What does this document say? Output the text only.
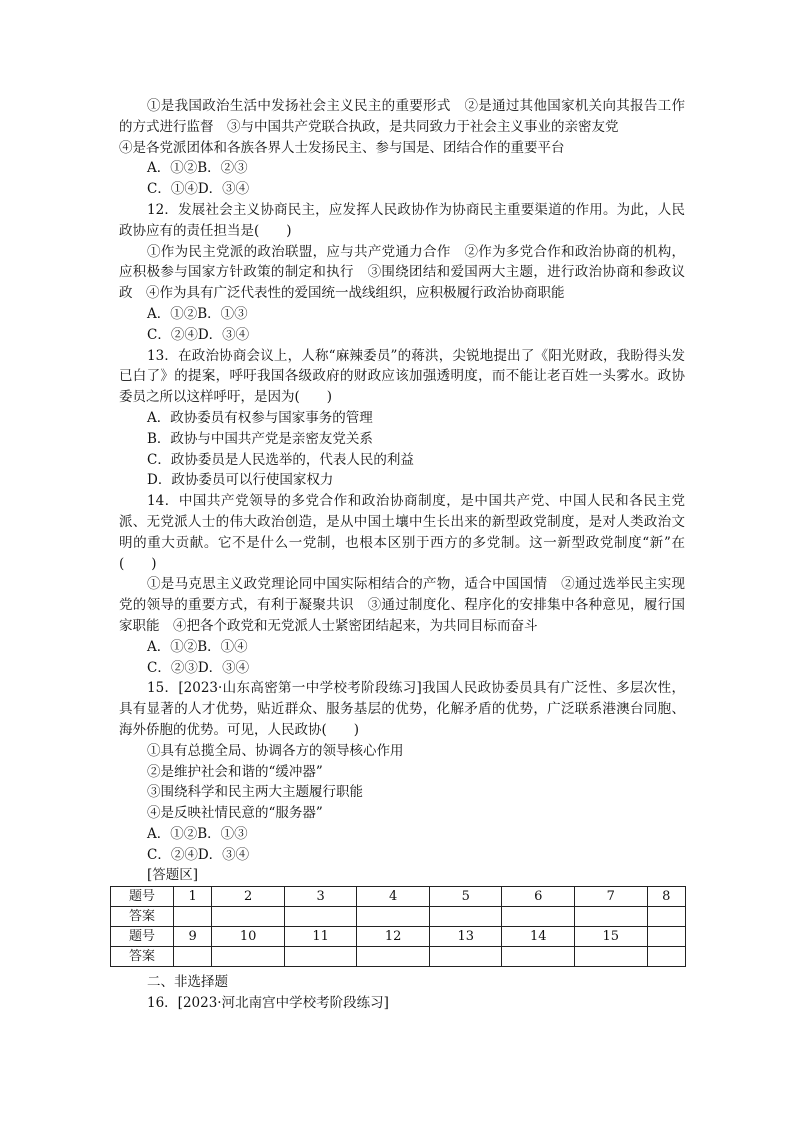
①是我国政治生活中发扬社会主义民主的重要形式　②是通过其他国家机关向其报告工作的方式进行监督　③与中国共产党联合执政，是共同致力于社会主义事业的亲密友党

④是各党派团体和各族各界人士发扬民主、参与国是、团结合作的重要平台

A．①②B．②③

C．①④D．③④

12．发展社会主义协商民主，应发挥人民政协作为协商民主重要渠道的作用。为此，人民政协应有的责任担当是(　　)

①作为民主党派的政治联盟，应与共产党通力合作　②作为多党合作和政治协商的机构，应积极参与国家方针政策的制定和执行　③围绕团结和爱国两大主题，进行政治协商和参政议政　④作为具有广泛代表性的爱国统一战线组织，应积极履行政治协商职能

A．①②B．①③

C．②④D．③④

13．在政治协商会议上，人称“麻辣委员”的蒋洪，尖锐地提出了《阳光财政，我盼得头发已白了》的提案，呼吁我国各级政府的财政应该加强透明度，而不能让老百姓一头雾水。政协委员之所以这样呼吁，是因为(　　)

A．政协委员有权参与国家事务的管理

B．政协与中国共产党是亲密友党关系

C．政协委员是人民选举的，代表人民的利益

D．政协委员可以行使国家权力

14．中国共产党领导的多党合作和政治协商制度，是中国共产党、中国人民和各民主党派、无党派人士的伟大政治创造，是从中国土壤中生长出来的新型政党制度，是对人类政治文明的重大贡献。它不是什么一党制，也根本区别于西方的多党制。这一新型政党制度“新”在(　　)

①是马克思主义政党理论同中国实际相结合的产物，适合中国国情　②通过选举民主实现党的领导的重要方式，有利于凝聚共识　③通过制度化、程序化的安排集中各种意见，履行国家职能　④把各个政党和无党派人士紧密团结起来，为共同目标而奋斗

A．①②B．①④

C．②③D．③④

15．[2023·山东高密第一中学校考阶段练习]我国人民政协委员具有广泛性、多层次性，具有显著的人才优势，贴近群众、服务基层的优势，化解矛盾的优势，广泛联系港澳台同胞、海外侨胞的优势。可见，人民政协(　　)

①具有总揽全局、协调各方的领导核心作用

②是维护社会和谐的“缓冲器”

③围绕科学和民主两大主题履行职能

④是反映社情民意的“服务器”

A．①②B．①③

C．②④D．③④

[答题区]

题号	1	2	3	4	5	6	7	8
答案								
题号	9	10	11	12	13	14	15	
答案								

二、非选择题

16．[2023·河北南宫中学校考阶段练习]
